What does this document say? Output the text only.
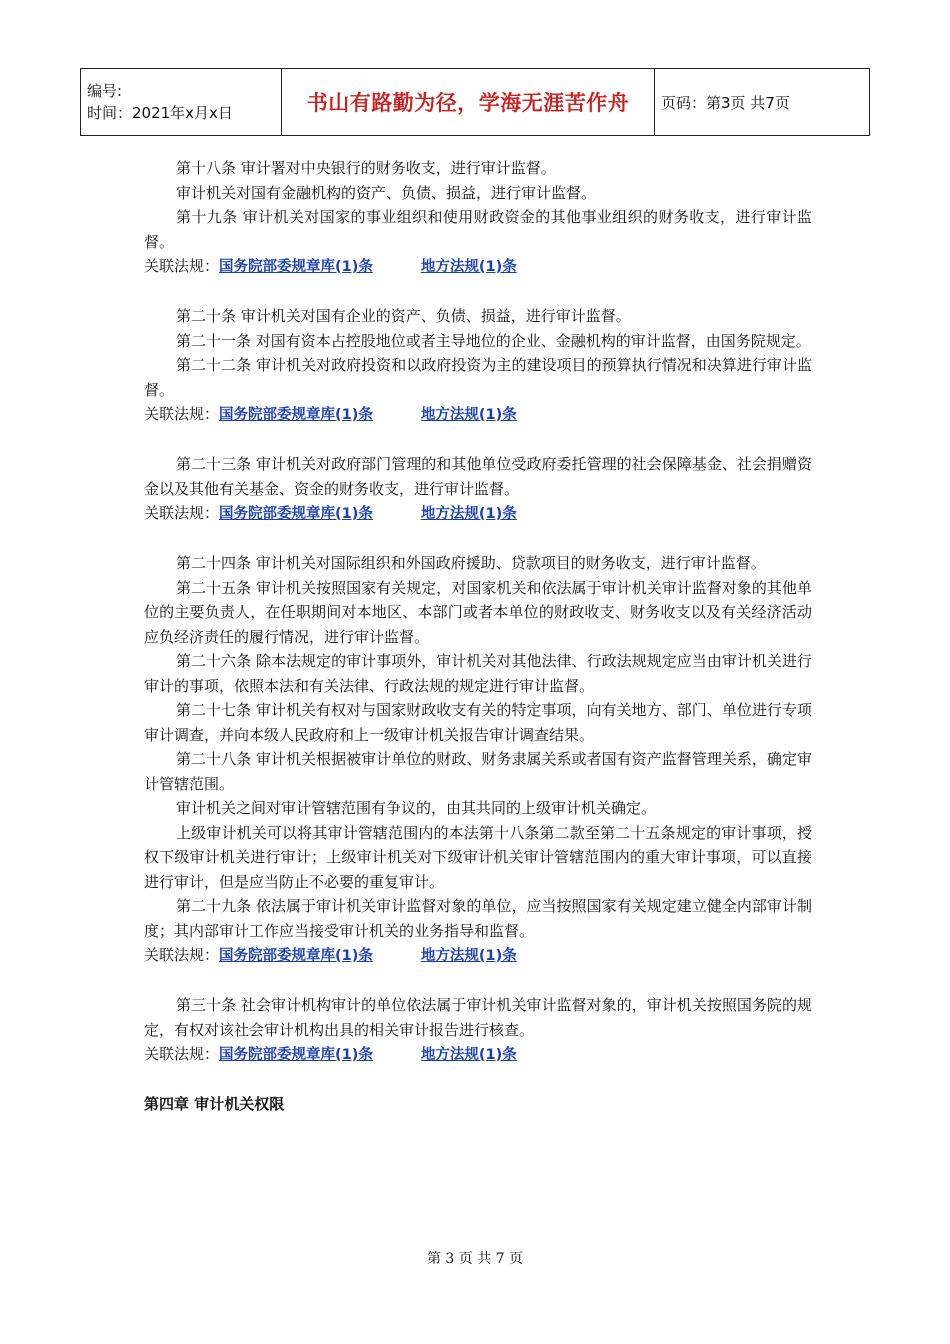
编号:
时间：2021年x月x日	书山有路勤为径，学海无涯苦作舟	页码：第3页 共7页

第十八条 审计署对中央银行的财务收支，进行审计监督。

审计机关对国有金融机构的资产、负债、损益，进行审计监督。

第十九条 审计机关对国家的事业组织和使用财政资金的其他事业组织的财务收支，进行审计监督。

关联法规：国务院部委规章库(1)条	地方法规(1)条

第二十条 审计机关对国有企业的资产、负债、损益，进行审计监督。

第二十一条 对国有资本占控股地位或者主导地位的企业、金融机构的审计监督，由国务院规定。

第二十二条 审计机关对政府投资和以政府投资为主的建设项目的预算执行情况和决算进行审计监督。

关联法规：国务院部委规章库(1)条	地方法规(1)条

第二十三条 审计机关对政府部门管理的和其他单位受政府委托管理的社会保障基金、社会捐赠资金以及其他有关基金、资金的财务收支，进行审计监督。

关联法规：国务院部委规章库(1)条	地方法规(1)条

第二十四条 审计机关对国际组织和外国政府援助、贷款项目的财务收支，进行审计监督。

第二十五条 审计机关按照国家有关规定，对国家机关和依法属于审计机关审计监督对象的其他单位的主要负责人，在任职期间对本地区、本部门或者本单位的财政收支、财务收支以及有关经济活动应负经济责任的履行情况，进行审计监督。

第二十六条 除本法规定的审计事项外，审计机关对其他法律、行政法规规定应当由审计机关进行审计的事项，依照本法和有关法律、行政法规的规定进行审计监督。

第二十七条 审计机关有权对与国家财政收支有关的特定事项，向有关地方、部门、单位进行专项审计调查，并向本级人民政府和上一级审计机关报告审计调查结果。

第二十八条 审计机关根据被审计单位的财政、财务隶属关系或者国有资产监督管理关系，确定审计管辖范围。

审计机关之间对审计管辖范围有争议的，由其共同的上级审计机关确定。

上级审计机关可以将其审计管辖范围内的本法第十八条第二款至第二十五条规定的审计事项，授权下级审计机关进行审计；上级审计机关对下级审计机关审计管辖范围内的重大审计事项，可以直接进行审计，但是应当防止不必要的重复审计。

第二十九条 依法属于审计机关审计监督对象的单位，应当按照国家有关规定建立健全内部审计制度；其内部审计工作应当接受审计机关的业务指导和监督。

关联法规：国务院部委规章库(1)条	地方法规(1)条

第三十条 社会审计机构审计的单位依法属于审计机关审计监督对象的，审计机关按照国务院的规定，有权对该社会审计机构出具的相关审计报告进行核查。

关联法规：国务院部委规章库(1)条	地方法规(1)条

第四章 审计机关权限

第 3 页 共 7 页
